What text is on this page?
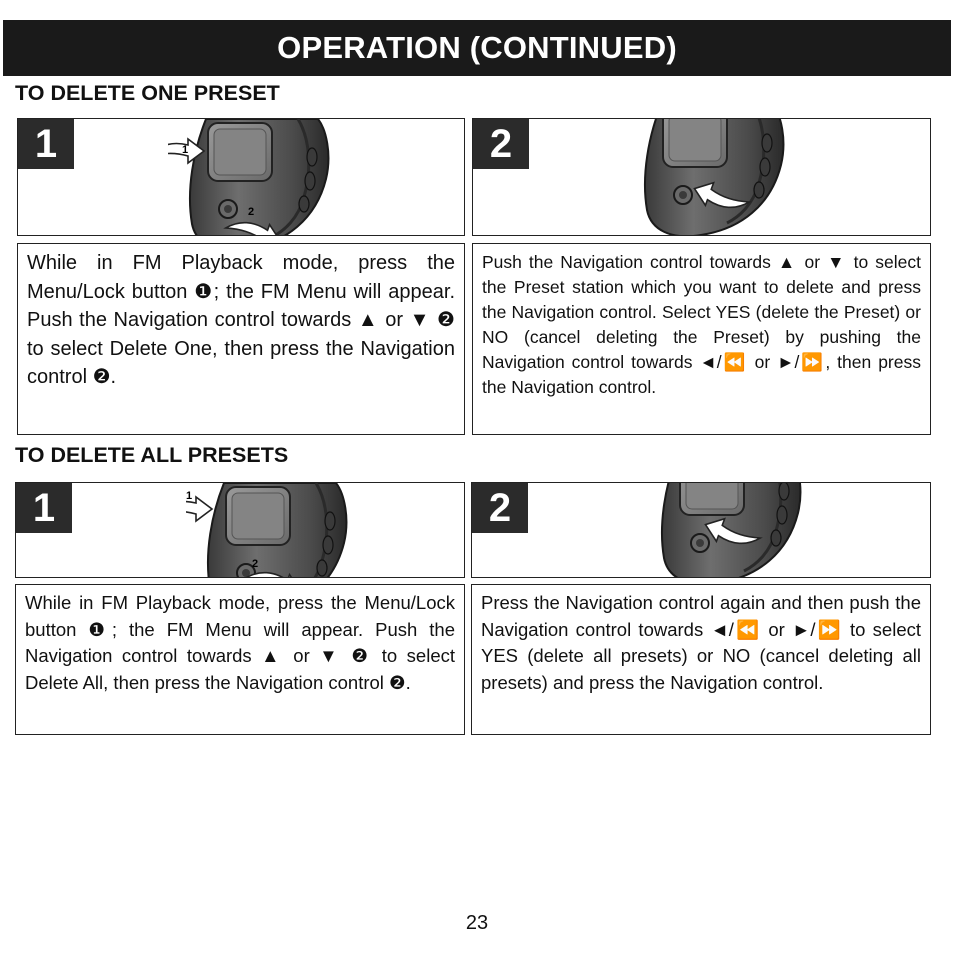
OPERATION (CONTINUED)
TO DELETE ONE PRESET
1	1
2
2

While in FM Playback mode, press the Menu/Lock button ❶; the FM Menu will appear. Push the Navigation control towards ▲ or ▼ ❷ to select Delete One, then press the Navigation control ❷.

Push the Navigation control towards ▲ or ▼ to select the Preset station which you want to delete and press the Navigation control. Select YES (delete the Preset) or NO (cancel deleting the Preset) by pushing the Navigation control towards ◄/⏪ or ►/⏩, then press the Navigation control.

TO DELETE ALL PRESETS
1	1
2
2

While in FM Playback mode, press the Menu/Lock button ❶; the FM Menu will appear. Push the Navigation control towards ▲ or ▼ ❷ to select Delete All, then press the Navigation control ❷.

Press the Navigation control again and then push the Navigation control towards ◄/⏪ or ►/⏩ to select YES (delete all presets) or NO (cancel deleting all presets) and press the Navigation control.

23
